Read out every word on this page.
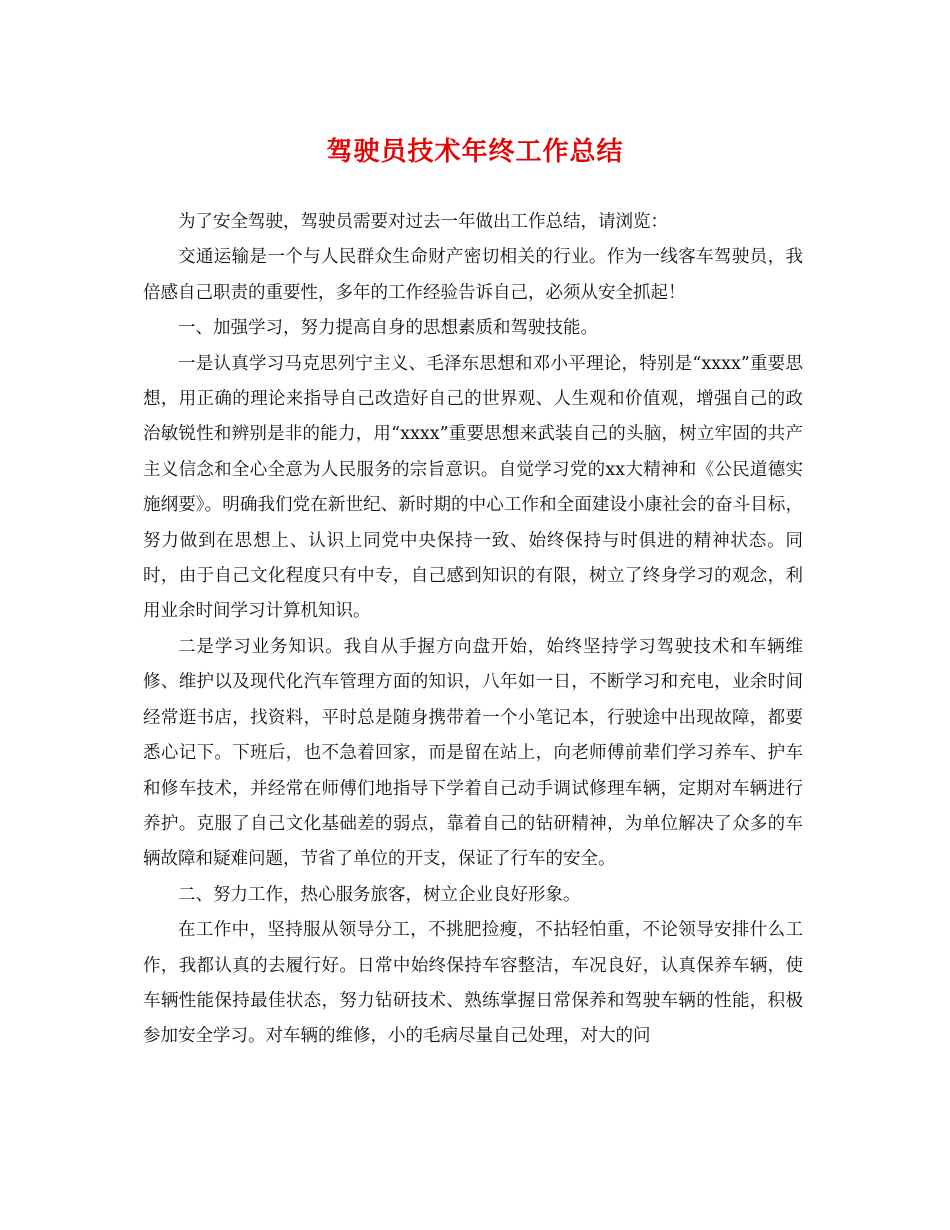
驾驶员技术年终工作总结

为了安全驾驶，驾驶员需要对过去一年做出工作总结，请浏览：

交通运输是一个与人民群众生命财产密切相关的行业。作为一线客车驾驶员，我倍感自己职责的重要性，多年的工作经验告诉自己，必须从安全抓起！

一、加强学习，努力提高自身的思想素质和驾驶技能。

一是认真学习马克思列宁主义、毛泽东思想和邓小平理论，特别是“xxxx”重要思想，用正确的理论来指导自己改造好自己的世界观、人生观和价值观，增强自己的政治敏锐性和辨别是非的能力，用“xxxx”重要思想来武装自己的头脑，树立牢固的共产主义信念和全心全意为人民服务的宗旨意识。自觉学习党的xx大精神和《公民道德实施纲要》。明确我们党在新世纪、新时期的中心工作和全面建设小康社会的奋斗目标，努力做到在思想上、认识上同党中央保持一致、始终保持与时俱进的精神状态。同时，由于自己文化程度只有中专，自己感到知识的有限，树立了终身学习的观念，利用业余时间学习计算机知识。

二是学习业务知识。我自从手握方向盘开始，始终坚持学习驾驶技术和车辆维修、维护以及现代化汽车管理方面的知识，八年如一日，不断学习和充电，业余时间经常逛书店，找资料，平时总是随身携带着一个小笔记本，行驶途中出现故障，都要悉心记下。下班后，也不急着回家，而是留在站上，向老师傅前辈们学习养车、护车和修车技术，并经常在师傅们地指导下学着自己动手调试修理车辆，定期对车辆进行养护。克服了自己文化基础差的弱点，靠着自己的钻研精神，为单位解决了众多的车辆故障和疑难问题，节省了单位的开支，保证了行车的安全。

二、努力工作，热心服务旅客，树立企业良好形象。

在工作中，坚持服从领导分工，不挑肥捡瘦，不拈轻怕重，不论领导安排什么工作，我都认真的去履行好。日常中始终保持车容整洁，车况良好，认真保养车辆，使车辆性能保持最佳状态，努力钻研技术、熟练掌握日常保养和驾驶车辆的性能，积极参加安全学习。对车辆的维修，小的毛病尽量自己处理，对大的问
